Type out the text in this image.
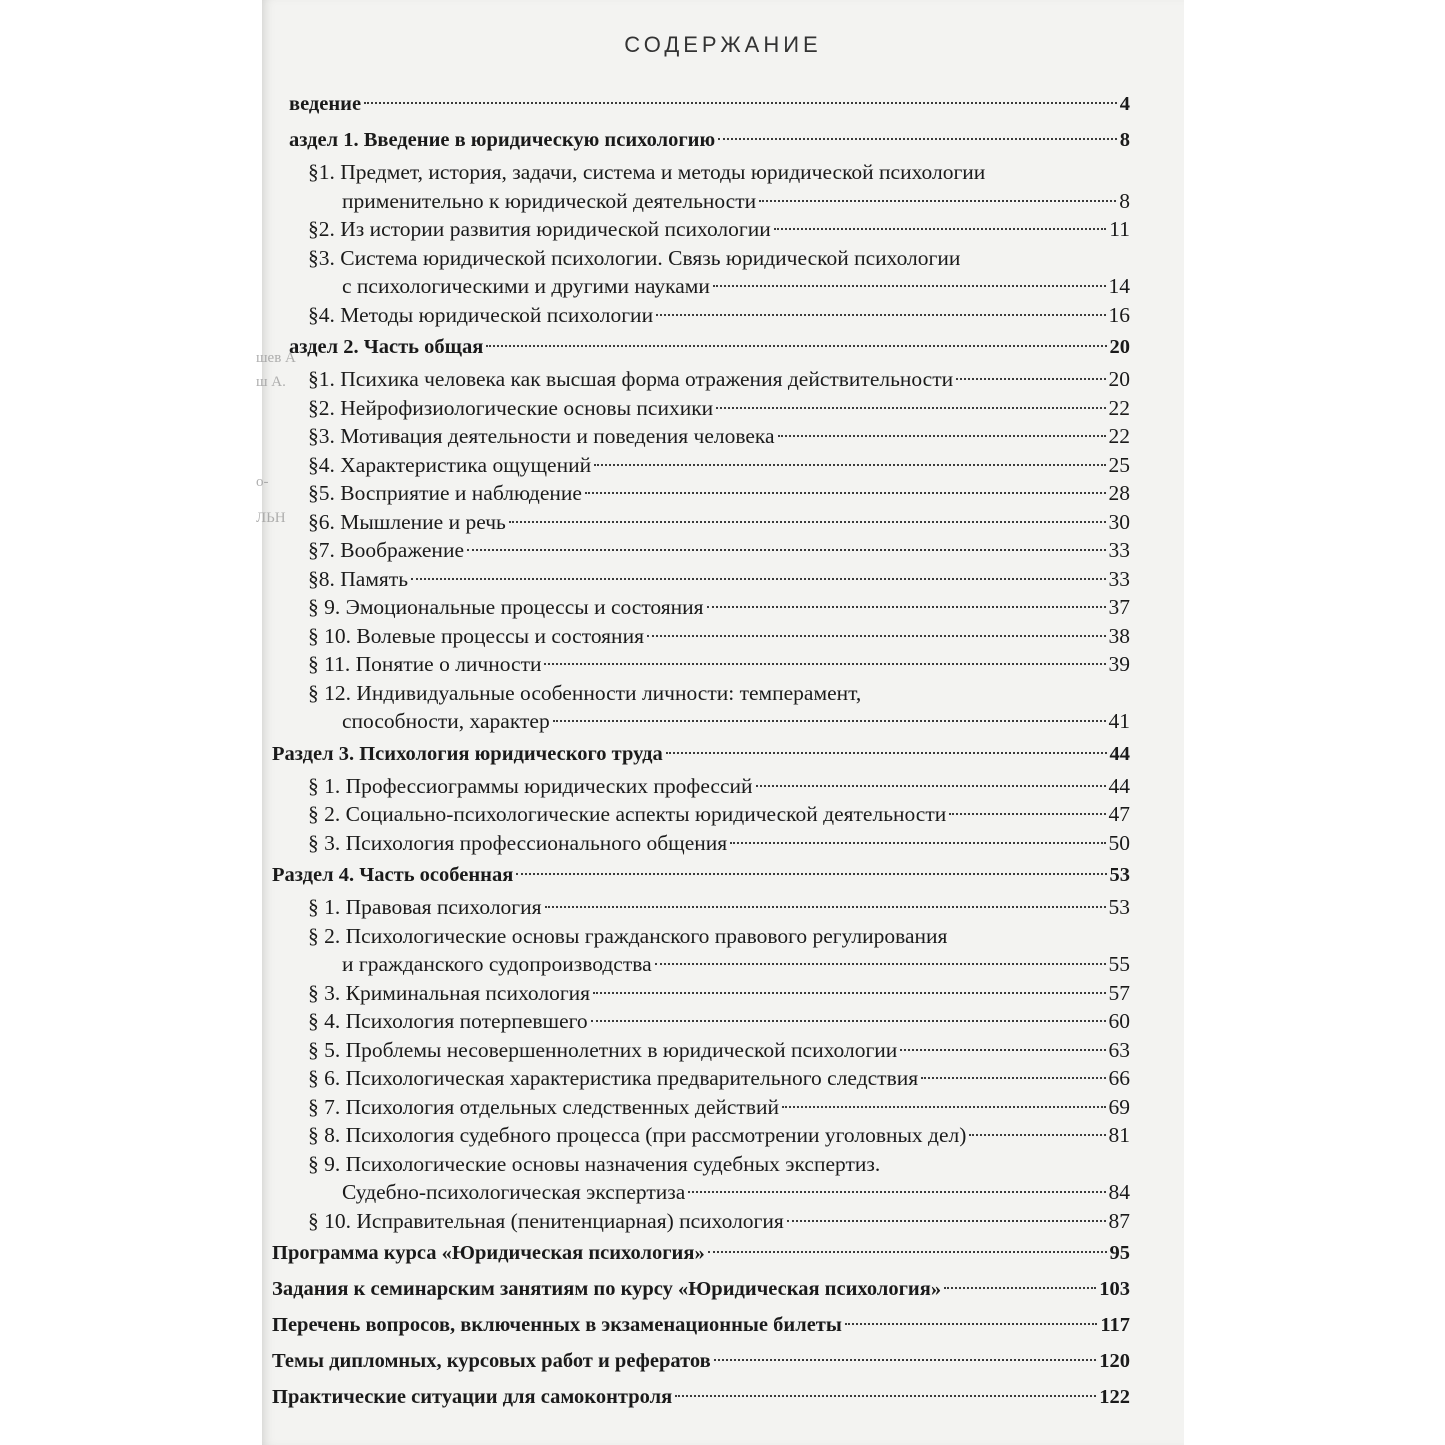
шев А
ш А.
о-
ЛЬН
СОДЕРЖАНИЕ
ведение	4
аздел 1. Введение в юридическую психологию	8
§1. Предмет, история, задачи, система и методы юридической психологии
применительно к юридической деятельности	8
§2. Из истории развития юридической психологии	11
§3. Система юридической психологии. Связь юридической психологии
с психологическими и другими науками	14
§4. Методы юридической психологии	16
аздел 2. Часть общая	20
§1. Психика человека как высшая форма отражения действительности	20
§2. Нейрофизиологические основы психики	22
§3. Мотивация деятельности и поведения человека	22
§4. Характеристика ощущений	25
§5. Восприятие и наблюдение	28
§6. Мышление и речь	30
§7. Воображение	33
§8. Память	33
§ 9. Эмоциональные процессы и состояния	37
§ 10. Волевые процессы и состояния	38
§ 11. Понятие о личности	39
§ 12. Индивидуальные особенности личности: темперамент,
способности, характер	41
Раздел 3. Психология юридического труда	44
§ 1. Профессиограммы юридических профессий	44
§ 2. Социально-психологические аспекты юридической деятельности	47
§ 3. Психология профессионального общения	50
Раздел 4. Часть особенная	53
§ 1. Правовая психология	53
§ 2. Психологические основы гражданского правового регулирования
и гражданского судопроизводства	55
§ 3. Криминальная психология	57
§ 4. Психология потерпевшего	60
§ 5. Проблемы несовершеннолетних в юридической психологии	63
§ 6. Психологическая характеристика предварительного следствия	66
§ 7. Психология отдельных следственных действий	69
§ 8. Психология судебного процесса (при рассмотрении уголовных дел)	81
§ 9. Психологические основы назначения судебных экспертиз.
Судебно-психологическая экспертиза	84
§ 10. Исправительная (пенитенциарная) психология	87
Программа курса «Юридическая психология»	95
Задания к семинарским занятиям по курсу «Юридическая психология»	103
Перечень вопросов, включенных в экзаменационные билеты	117
Темы дипломных, курсовых работ и рефератов	120
Практические ситуации для самоконтроля	122
